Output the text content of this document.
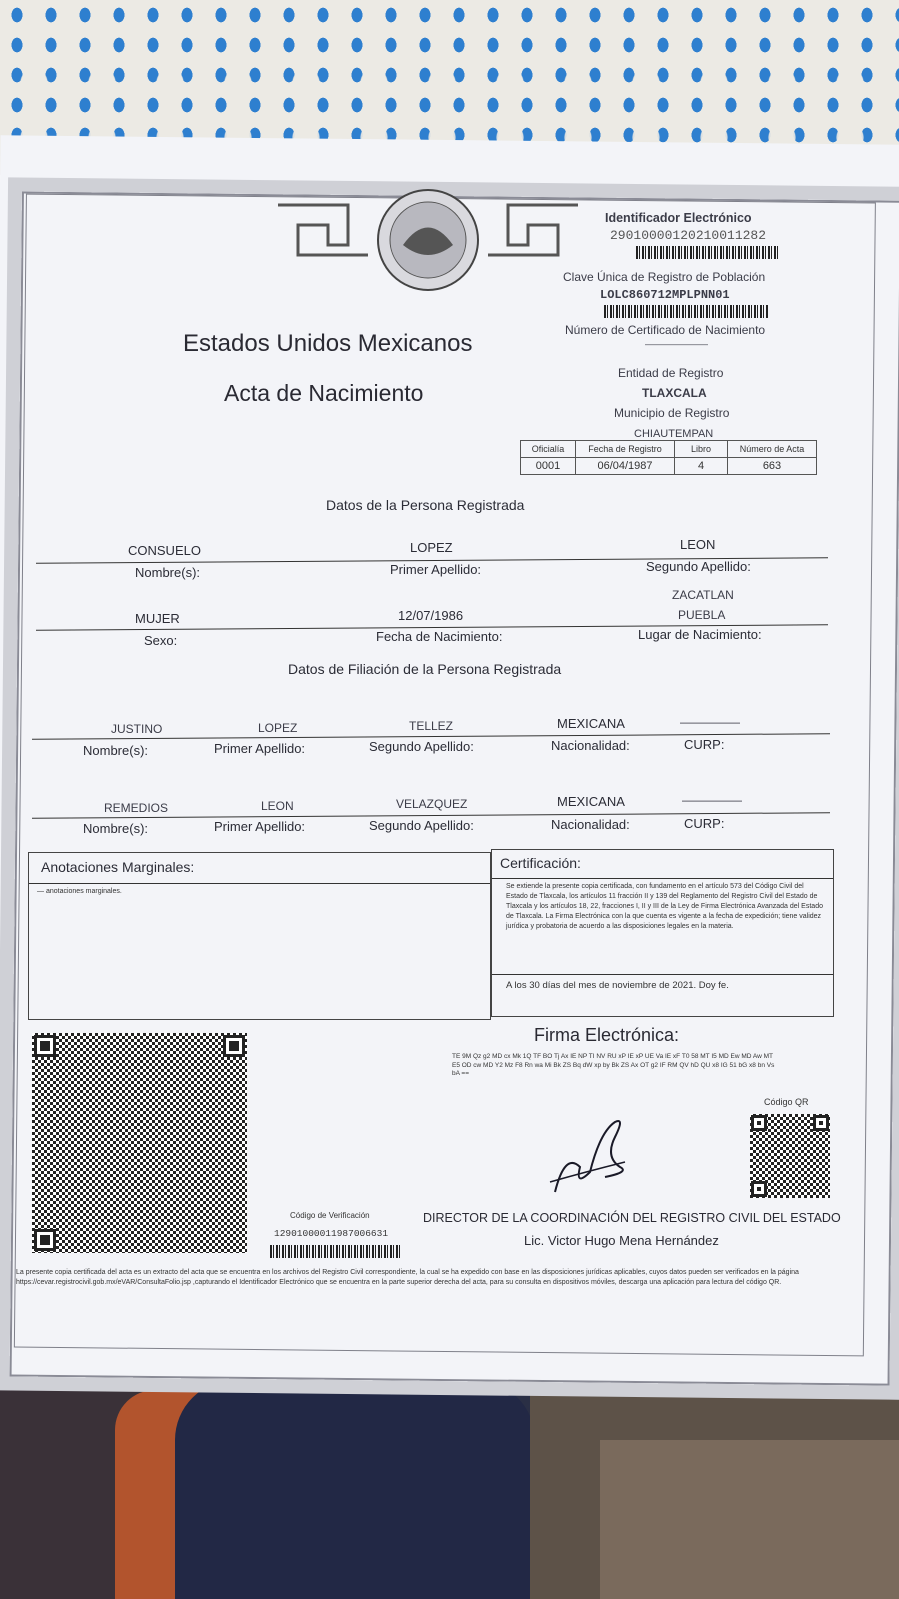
Identificador Electrónico
29010000120210011282
Clave Única de Registro de Población
LOLC860712MPLPNN01
Número de Certificado de Nacimiento
———————
Estados Unidos Mexicanos
Acta de Nacimiento
Entidad de Registro
TLAXCALA
Municipio de Registro
CHIAUTEMPAN
Oficialía	Fecha de Registro	Libro	Número de Acta
0001	06/04/1987	4	663
Datos de la Persona Registrada
CONSUELO	LOPEZ	LEON
Nombre(s):	Primer Apellido:	Segundo Apellido:
ZACATLAN
MUJER	12/07/1986	PUEBLA
Sexo:	Fecha de Nacimiento:	Lugar de Nacimiento:
Datos de Filiación de la Persona Registrada
JUSTINO	LOPEZ	TELLEZ	MEXICANA	—————
Nombre(s):	Primer Apellido:	Segundo Apellido:	Nacionalidad:	CURP:
REMEDIOS	LEON	VELAZQUEZ	MEXICANA	—————
Nombre(s):	Primer Apellido:	Segundo Apellido:	Nacionalidad:	CURP:
Anotaciones Marginales:
— anotaciones marginales.
Certificación:
Se extiende la presente copia certificada, con fundamento en el artículo 573 del Código Civil del Estado de Tlaxcala, los artículos 11 fracción II y 139 del Reglamento del Registro Civil del Estado de Tlaxcala y los artículos 18, 22, fracciones I, II y III de la Ley de Firma Electrónica Avanzada del Estado de Tlaxcala. La Firma Electrónica con la que cuenta es vigente a la fecha de expedición; tiene validez jurídica y probatoria de acuerdo a las disposiciones legales en la materia.
A los 30 días del mes de noviembre de 2021. Doy fe.
Firma Electrónica:
TE 9M Qz g2 MD cx Mk 1Q TF BO Tj Ax IE NP TI NV RU xP IE xP UE Va IE xF T0 58 MT I5 MD Ew MD Aw MT E5 OD cw MD Y2 Mz F8 Rn wa Mi Bk ZS Bq dW xp by Bk ZS Ax OT g2 IF RM QV hD QU x8 IG 51 bG x8 bn Vs bA ==
Código QR
Código de Verificación
12901000011987006631
DIRECTOR DE LA COORDINACIÓN DEL REGISTRO CIVIL DEL ESTADO
Lic. Victor Hugo Mena Hernández
La presente copia certificada del acta es un extracto del acta que se encuentra en los archivos del Registro Civil correspondiente, la cual se ha expedido con base en las disposiciones jurídicas aplicables, cuyos datos pueden ser verificados en la página https://cevar.registrocivil.gob.mx/eVAR/ConsultaFolio.jsp ,capturando el Identificador Electrónico que se encuentra en la parte superior derecha del acta, para su consulta en dispositivos móviles, descarga una aplicación para lectura del código QR.
